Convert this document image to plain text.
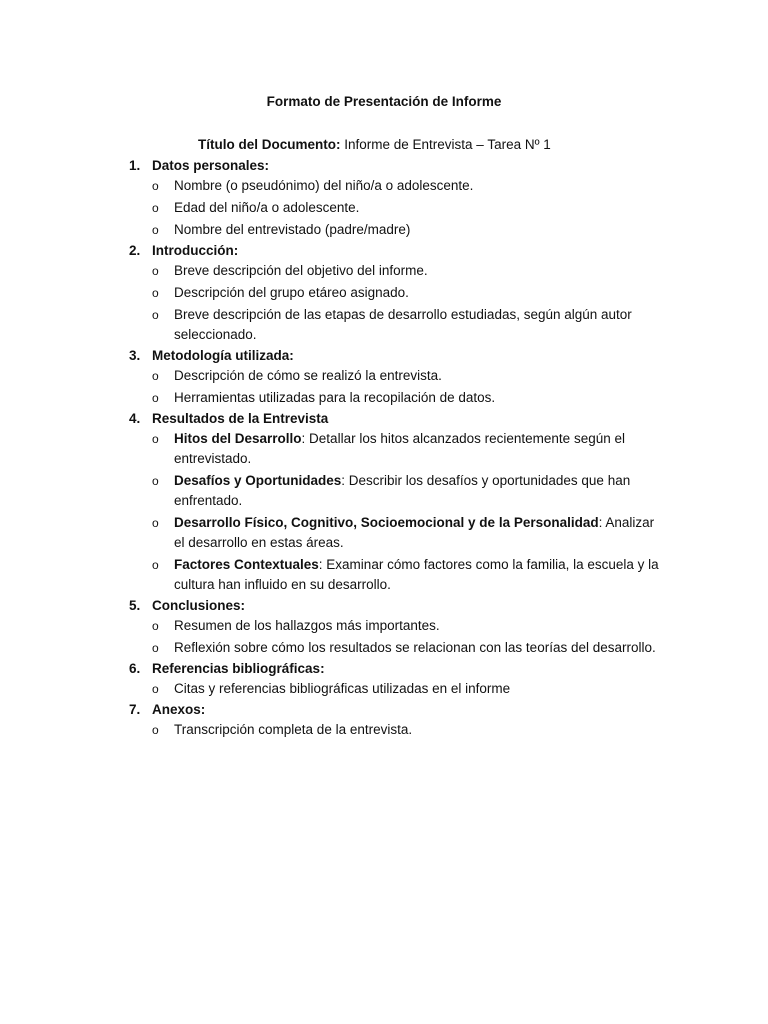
Formato de Presentación de Informe
Título del Documento: Informe de Entrevista – Tarea Nº 1
1. Datos personales:
o	Nombre (o pseudónimo) del niño/a o adolescente.
o	Edad del niño/a o adolescente.
o	Nombre del entrevistado (padre/madre)
2. Introducción:
o	Breve descripción del objetivo del informe.
o	Descripción del grupo etáreo asignado.
o	Breve descripción de las etapas de desarrollo estudiadas, según algún autor seleccionado.
3. Metodología utilizada:
o	Descripción de cómo se realizó la entrevista.
o	Herramientas utilizadas para la recopilación de datos.
4. Resultados de la Entrevista
o	Hitos del Desarrollo: Detallar los hitos alcanzados recientemente según el entrevistado.
o	Desafíos y Oportunidades: Describir los desafíos y oportunidades que han enfrentado.
o	Desarrollo Físico, Cognitivo, Socioemocional y de la Personalidad: Analizar el desarrollo en estas áreas.
o	Factores Contextuales: Examinar cómo factores como la familia, la escuela y la cultura han influido en su desarrollo.
5. Conclusiones:
o	Resumen de los hallazgos más importantes.
o	Reflexión sobre cómo los resultados se relacionan con las teorías del desarrollo.
6. Referencias bibliográficas:
o	Citas y referencias bibliográficas utilizadas en el informe
7. Anexos:
o	Transcripción completa de la entrevista.
